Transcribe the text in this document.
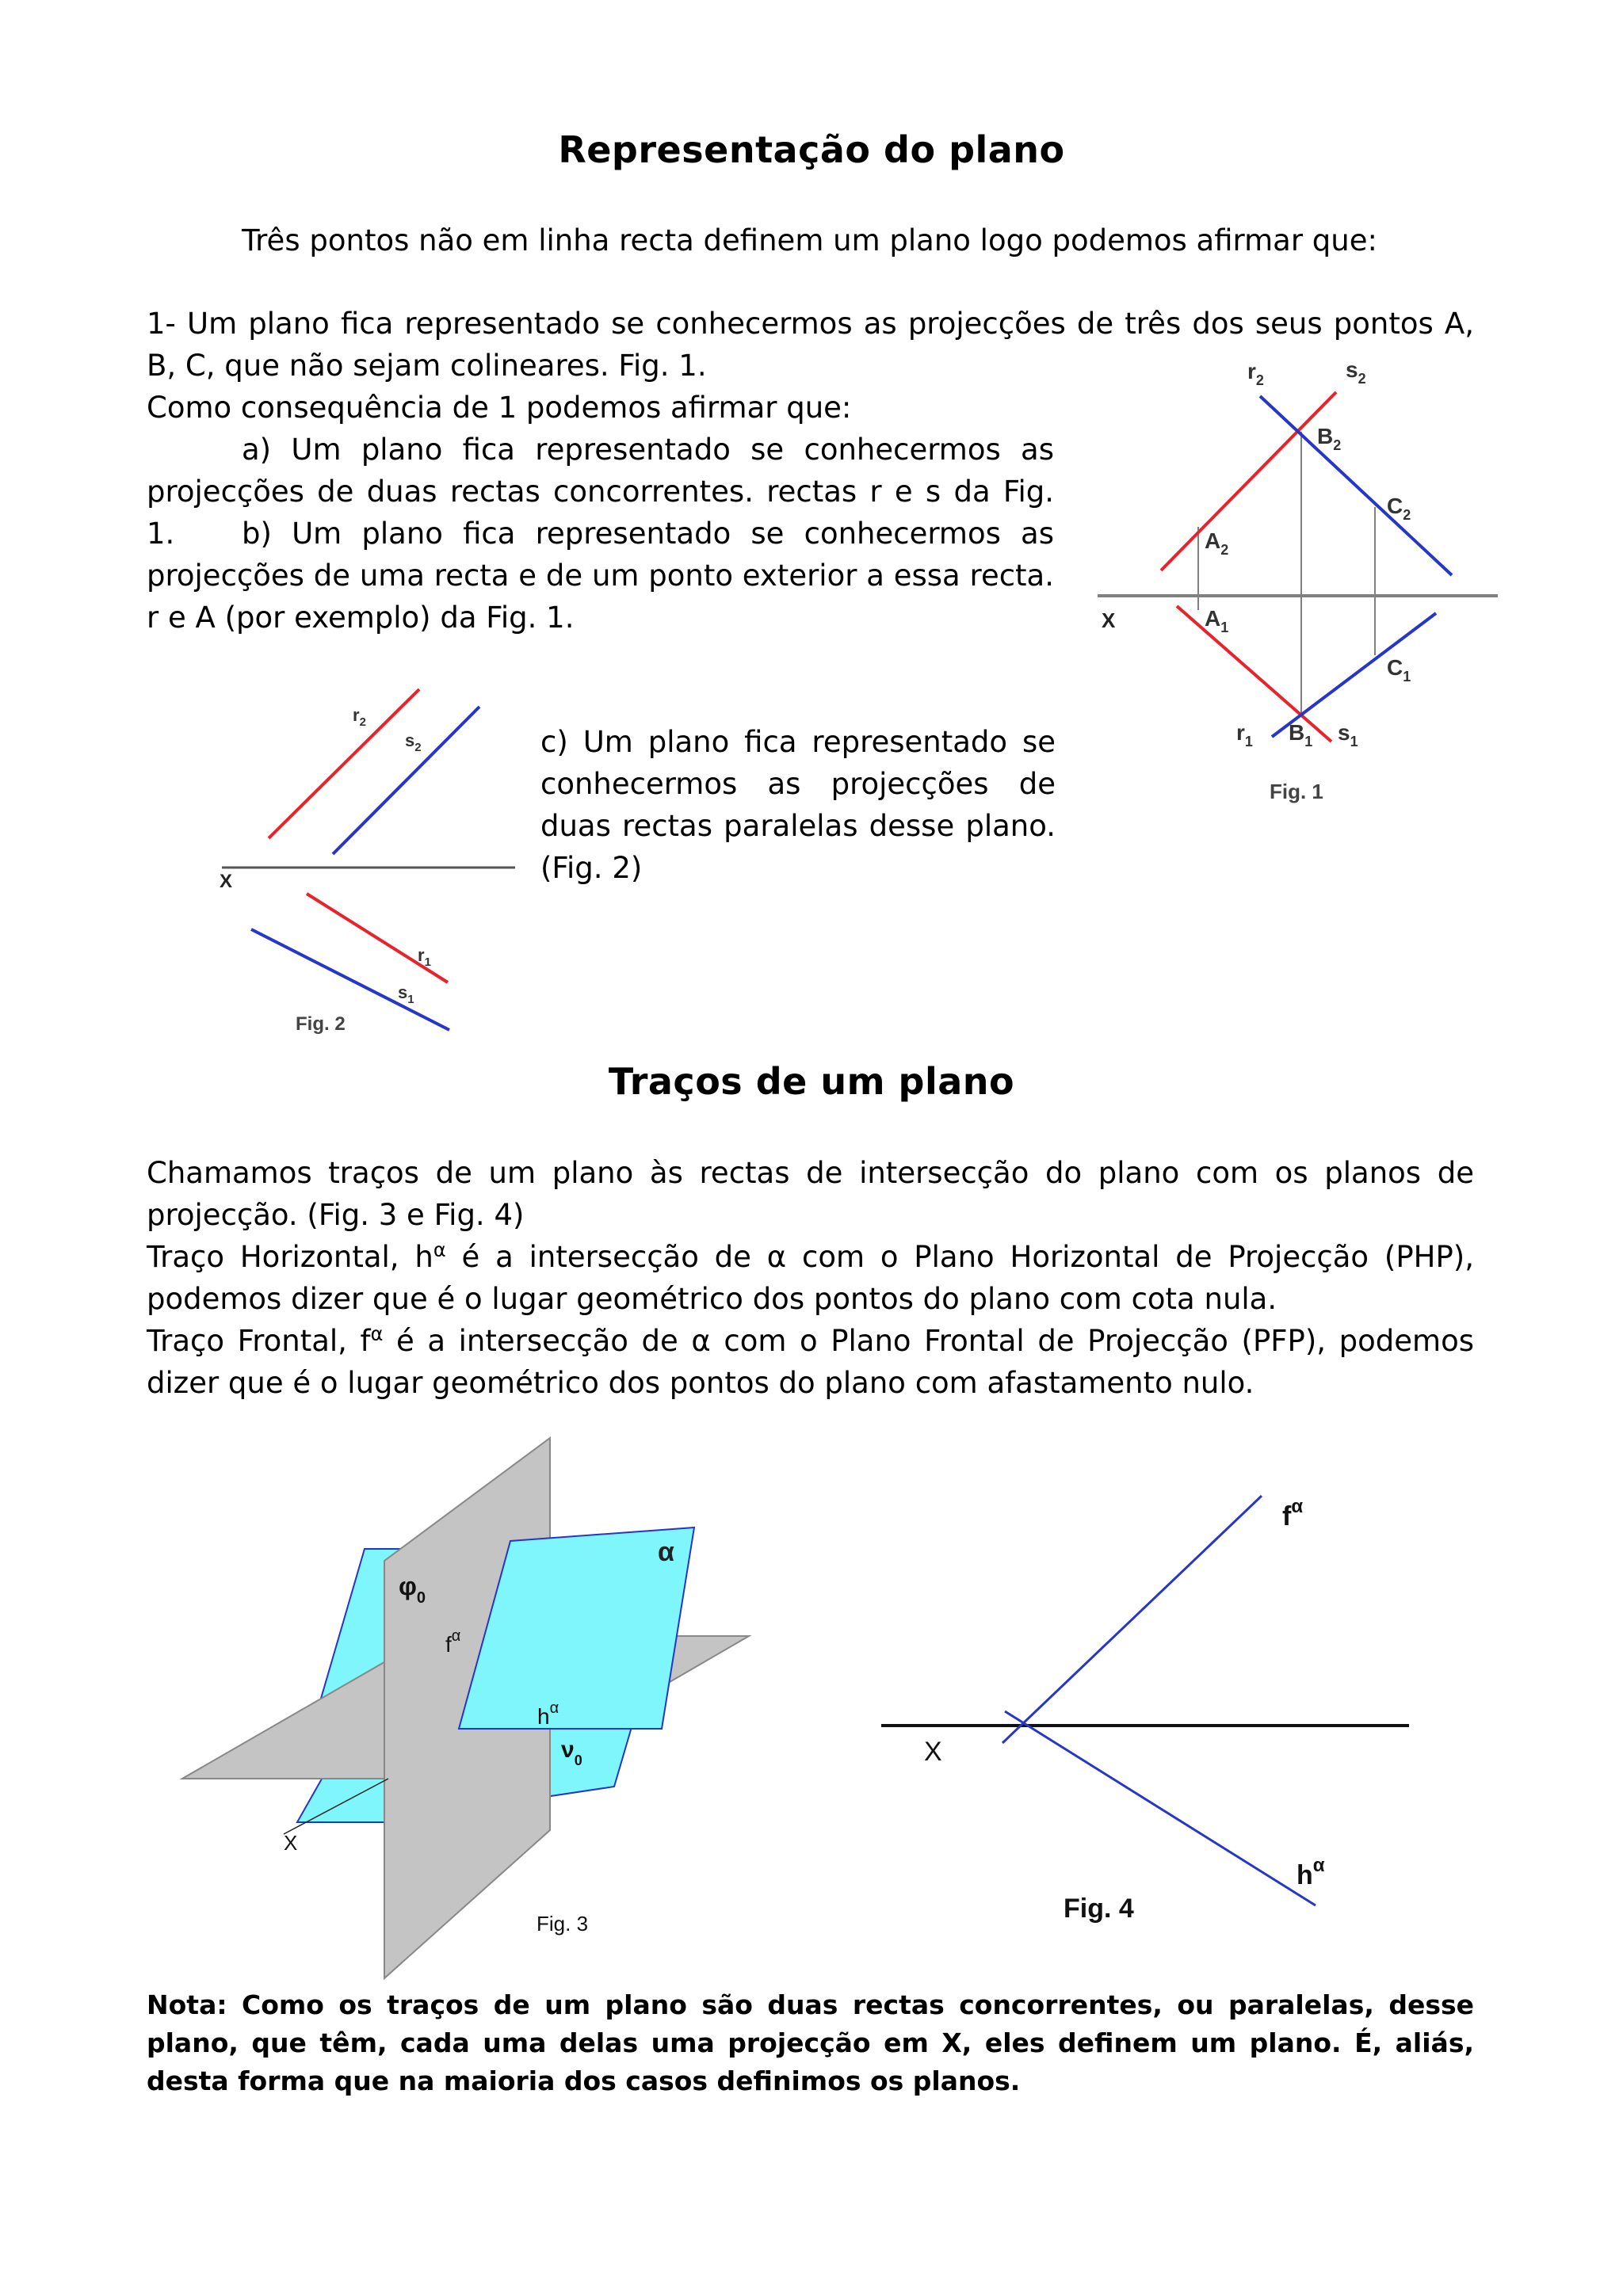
Representação do plano

Três pontos não em linha recta definem um plano logo podemos afirmar que:

1- Um plano fica representado se conhecermos as projecções de três dos seus pontos A, B, C, que não sejam colineares. Fig. 1.

Como consequência de 1 podemos afirmar que:

a) Um plano fica representado se conhecermos as projecções de duas rectas concorrentes. rectas r e s da Fig. 1.	b) Um plano fica representado se conhecermos as projecções de uma recta e de um ponto exterior a essa recta. r e A (por exemplo) da Fig. 1.

c) Um plano fica representado se conhecermos as projecções de duas rectas paralelas desse plano. (Fig. 2)

X
$r_2$	$s_2$
$B_2$
$C_2$
$A_2$
$A_1$
$C_1$
$r_1$ $B_1$ $s_1$
Fig. 1
X
$r_2$
$s_2$
$r_1$
$s_1$
Fig. 2
Traços de um plano

Chamamos traços de um plano às rectas de intersecção do plano com os planos de projecção. (Fig. 3 e Fig. 4)

Traço Horizontal, $h^\alpha$ é a intersecção de α com o Plano Horizontal de Projecção (PHP), podemos dizer que é o lugar geométrico dos pontos do plano com cota nula.

Traço Frontal, $f^\alpha$ é a intersecção de α com o Plano Frontal de Projecção (PFP), podemos dizer que é o lugar geométrico dos pontos do plano com afastamento nulo.

α
$\varphi_0$
$f^\alpha$
$h^\alpha$
$\nu_0$
X
Fig. 3
X
$f^\alpha$
$h^\alpha$
Fig. 4

Nota: Como os traços de um plano são duas rectas concorrentes, ou paralelas, desse plano, que têm, cada uma delas uma projecção em X, eles definem um plano. É, aliás, desta forma que na maioria dos casos definimos os planos.
